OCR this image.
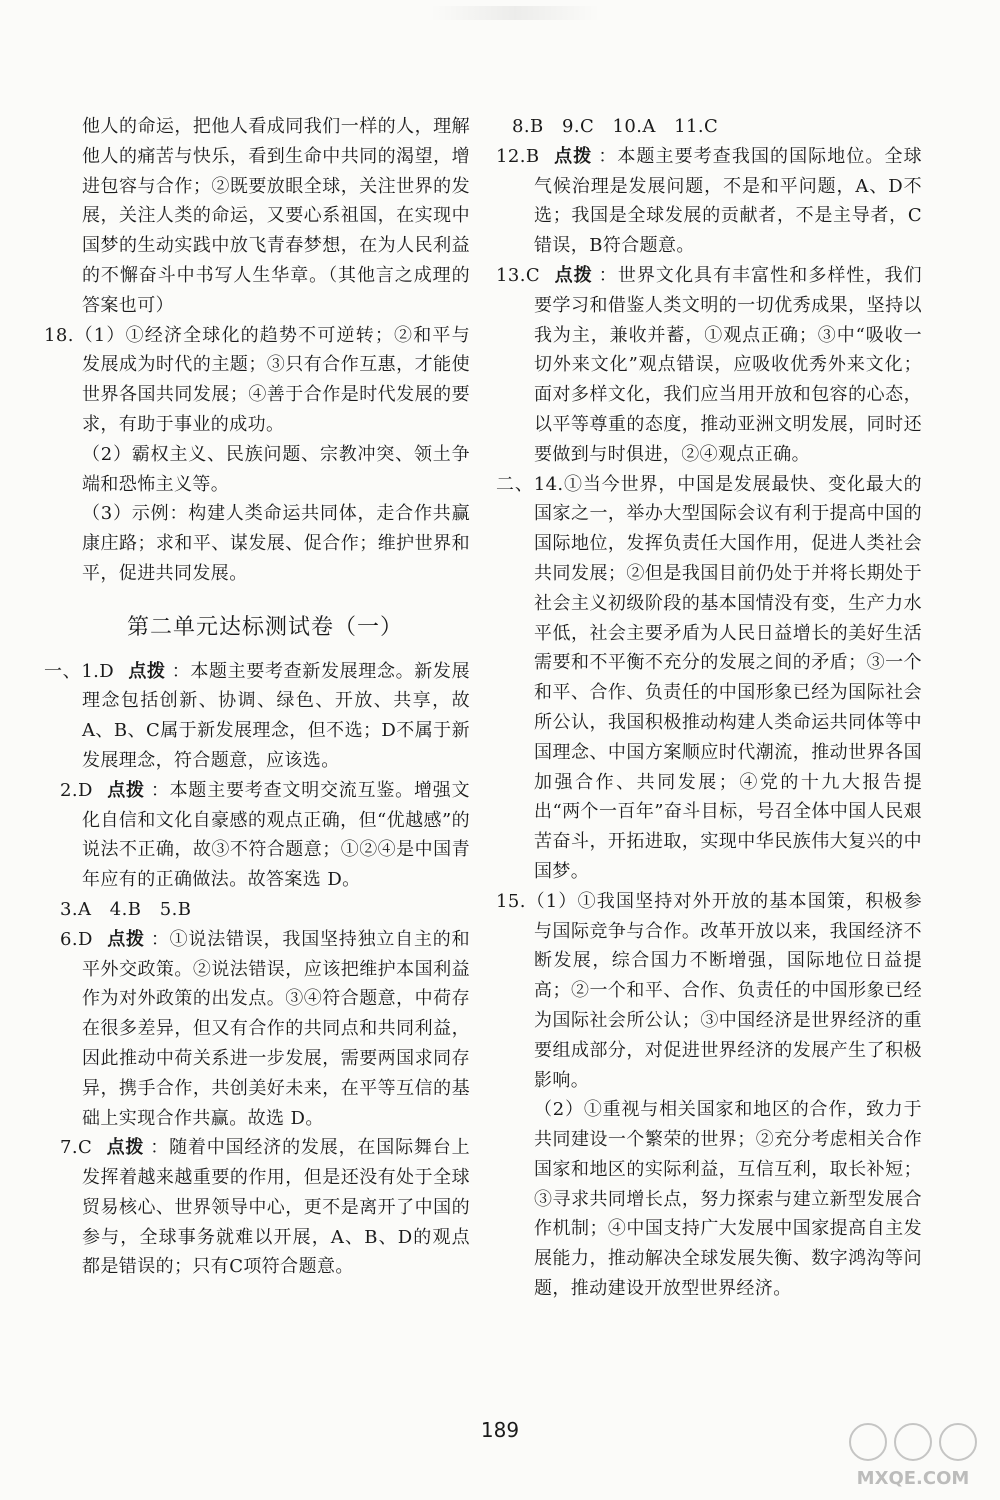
他人的命运，把他人看成同我们一样的人，理解他人的痛苦与快乐，看到生命中共同的渴望，增进包容与合作；②既要放眼全球，关注世界的发展，关注人类的命运，又要心系祖国，在实现中国梦的生动实践中放飞青春梦想，在为人民利益的不懈奋斗中书写人生华章。（其他言之成理的答案也可）

18.（1）①经济全球化的趋势不可逆转；②和平与发展成为时代的主题；③只有合作互惠，才能使世界各国共同发展；④善于合作是时代发展的要求，有助于事业的成功。

（2）霸权主义、民族问题、宗教冲突、领土争端和恐怖主义等。

（3）示例：构建人类命运共同体，走合作共赢康庄路；求和平、谋发展、促合作；维护世界和平，促进共同发展。

第二单元达标测试卷（一）

一、1.D 点拨 ：本题主要考查新发展理念。新发展理念包括创新、协调、绿色、开放、共享，故A、B、C属于新发展理念，但不选；D不属于新发展理念，符合题意，应该选。

2.D 点拨 ：本题主要考查文明交流互鉴。增强文化自信和文化自豪感的观点正确，但“优越感”的说法不正确，故③不符合题意；①②④是中国青年应有的正确做法。故答案选 D。

3.A　4.B　5.B

6.D 点拨 ：①说法错误，我国坚持独立自主的和平外交政策。②说法错误，应该把维护本国利益作为对外政策的出发点。③④符合题意，中荷存在很多差异，但又有合作的共同点和共同利益，因此推动中荷关系进一步发展，需要两国求同存异，携手合作，共创美好未来，在平等互信的基础上实现合作共赢。故选 D。

7.C 点拨 ：随着中国经济的发展，在国际舞台上发挥着越来越重要的作用，但是还没有处于全球贸易核心、世界领导中心，更不是离开了中国的参与，全球事务就难以开展，A、B、D的观点都是错误的；只有C项符合题意。

8.B　9.C　10.A　11.C

12.B 点拨 ：本题主要考查我国的国际地位。全球气候治理是发展问题，不是和平问题，A、D不选；我国是全球发展的贡献者，不是主导者，C错误，B符合题意。

13.C 点拨 ：世界文化具有丰富性和多样性，我们要学习和借鉴人类文明的一切优秀成果，坚持以我为主，兼收并蓄，①观点正确；③中“吸收一切外来文化”观点错误，应吸收优秀外来文化；面对多样文化，我们应当用开放和包容的心态，以平等尊重的态度，推动亚洲文明发展，同时还要做到与时俱进，②④观点正确。

二、14.①当今世界，中国是发展最快、变化最大的国家之一，举办大型国际会议有利于提高中国的国际地位，发挥负责任大国作用，促进人类社会共同发展；②但是我国目前仍处于并将长期处于社会主义初级阶段的基本国情没有变，生产力水平低，社会主要矛盾为人民日益增长的美好生活需要和不平衡不充分的发展之间的矛盾；③一个和平、合作、负责任的中国形象已经为国际社会所公认，我国积极推动构建人类命运共同体等中国理念、中国方案顺应时代潮流，推动世界各国加强合作、共同发展；④党的十九大报告提出“两个一百年”奋斗目标，号召全体中国人民艰苦奋斗，开拓进取，实现中华民族伟大复兴的中国梦。

15.（1）①我国坚持对外开放的基本国策，积极参与国际竞争与合作。改革开放以来，我国经济不断发展，综合国力不断增强，国际地位日益提高；②一个和平、合作、负责任的中国形象已经为国际社会所公认；③中国经济是世界经济的重要组成部分，对促进世界经济的发展产生了积极影响。

（2）①重视与相关国家和地区的合作，致力于共同建设一个繁荣的世界；②充分考虑相关合作国家和地区的实际利益，互信互利，取长补短；③寻求共同增长点，努力探索与建立新型发展合作机制；④中国支持广大发展中国家提高自主发展能力，推动解决全球发展失衡、数字鸿沟等问题，推动建设开放型世界经济。

189
MXQE.COM
